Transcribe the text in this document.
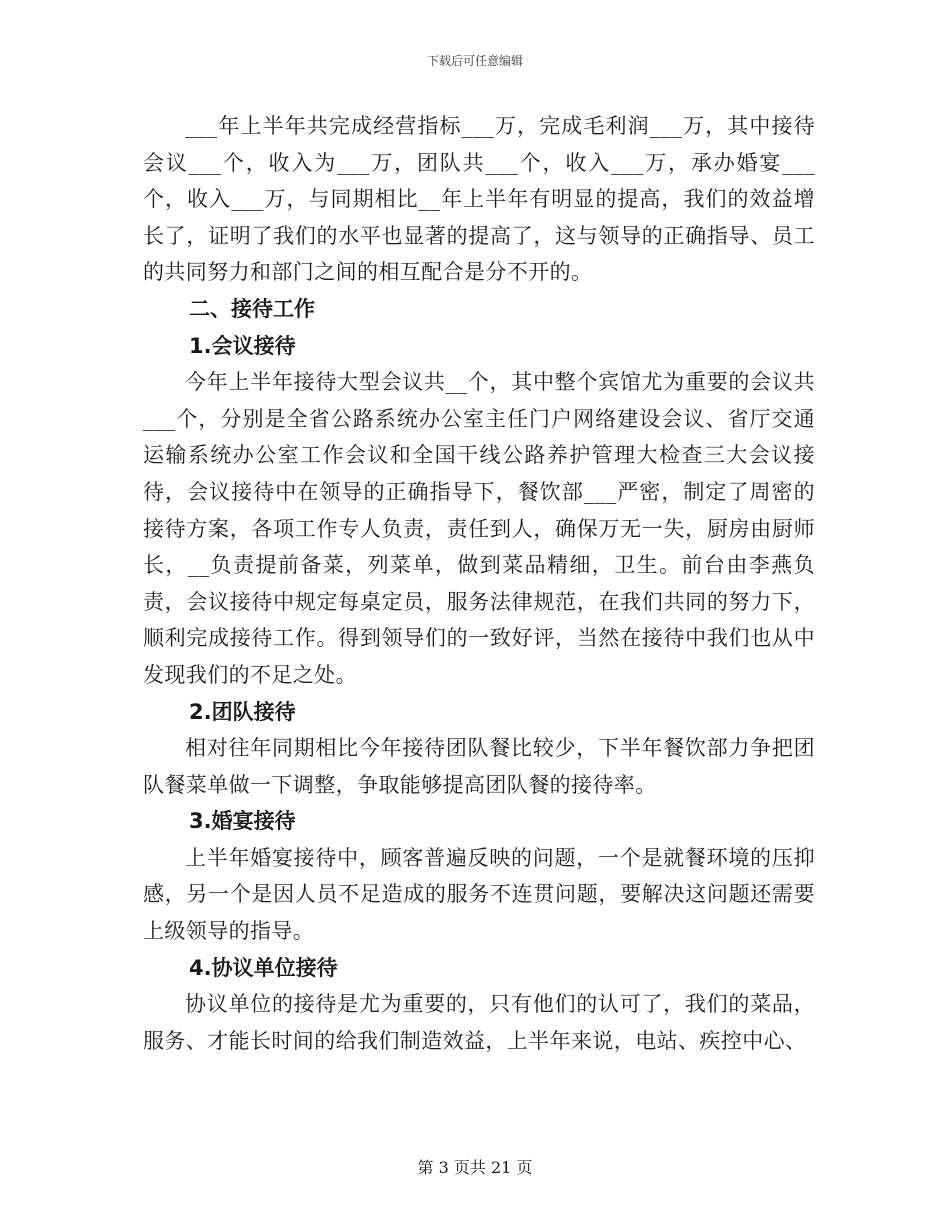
下载后可任意编辑

___年上半年共完成经营指标___万，完成毛利润___万，其中接待会议___个，收入为___万，团队共___个，收入___万，承办婚宴___个，收入___万，与同期相比__年上半年有明显的提高，我们的效益增长了，证明了我们的水平也显著的提高了，这与领导的正确指导、员工的共同努力和部门之间的相互配合是分不开的。

二、接待工作

1.会议接待

今年上半年接待大型会议共__个，其中整个宾馆尤为重要的会议共___个，分别是全省公路系统办公室主任门户网络建设会议、省厅交通运输系统办公室工作会议和全国干线公路养护管理大检查三大会议接待，会议接待中在领导的正确指导下，餐饮部___严密，制定了周密的接待方案，各项工作专人负责，责任到人，确保万无一失，厨房由厨师长，__负责提前备菜，列菜单，做到菜品精细，卫生。前台由李燕负责，会议接待中规定每桌定员，服务法律规范，在我们共同的努力下，顺利完成接待工作。得到领导们的一致好评，当然在接待中我们也从中发现我们的不足之处。

2.团队接待

相对往年同期相比今年接待团队餐比较少，下半年餐饮部力争把团队餐菜单做一下调整，争取能够提高团队餐的接待率。

3.婚宴接待

上半年婚宴接待中，顾客普遍反映的问题，一个是就餐环境的压抑感，另一个是因人员不足造成的服务不连贯问题，要解决这问题还需要上级领导的指导。

4.协议单位接待

协议单位的接待是尤为重要的，只有他们的认可了，我们的菜品，服务、才能长时间的给我们制造效益，上半年来说，电站、疾控中心、

第 3 页共 21 页
